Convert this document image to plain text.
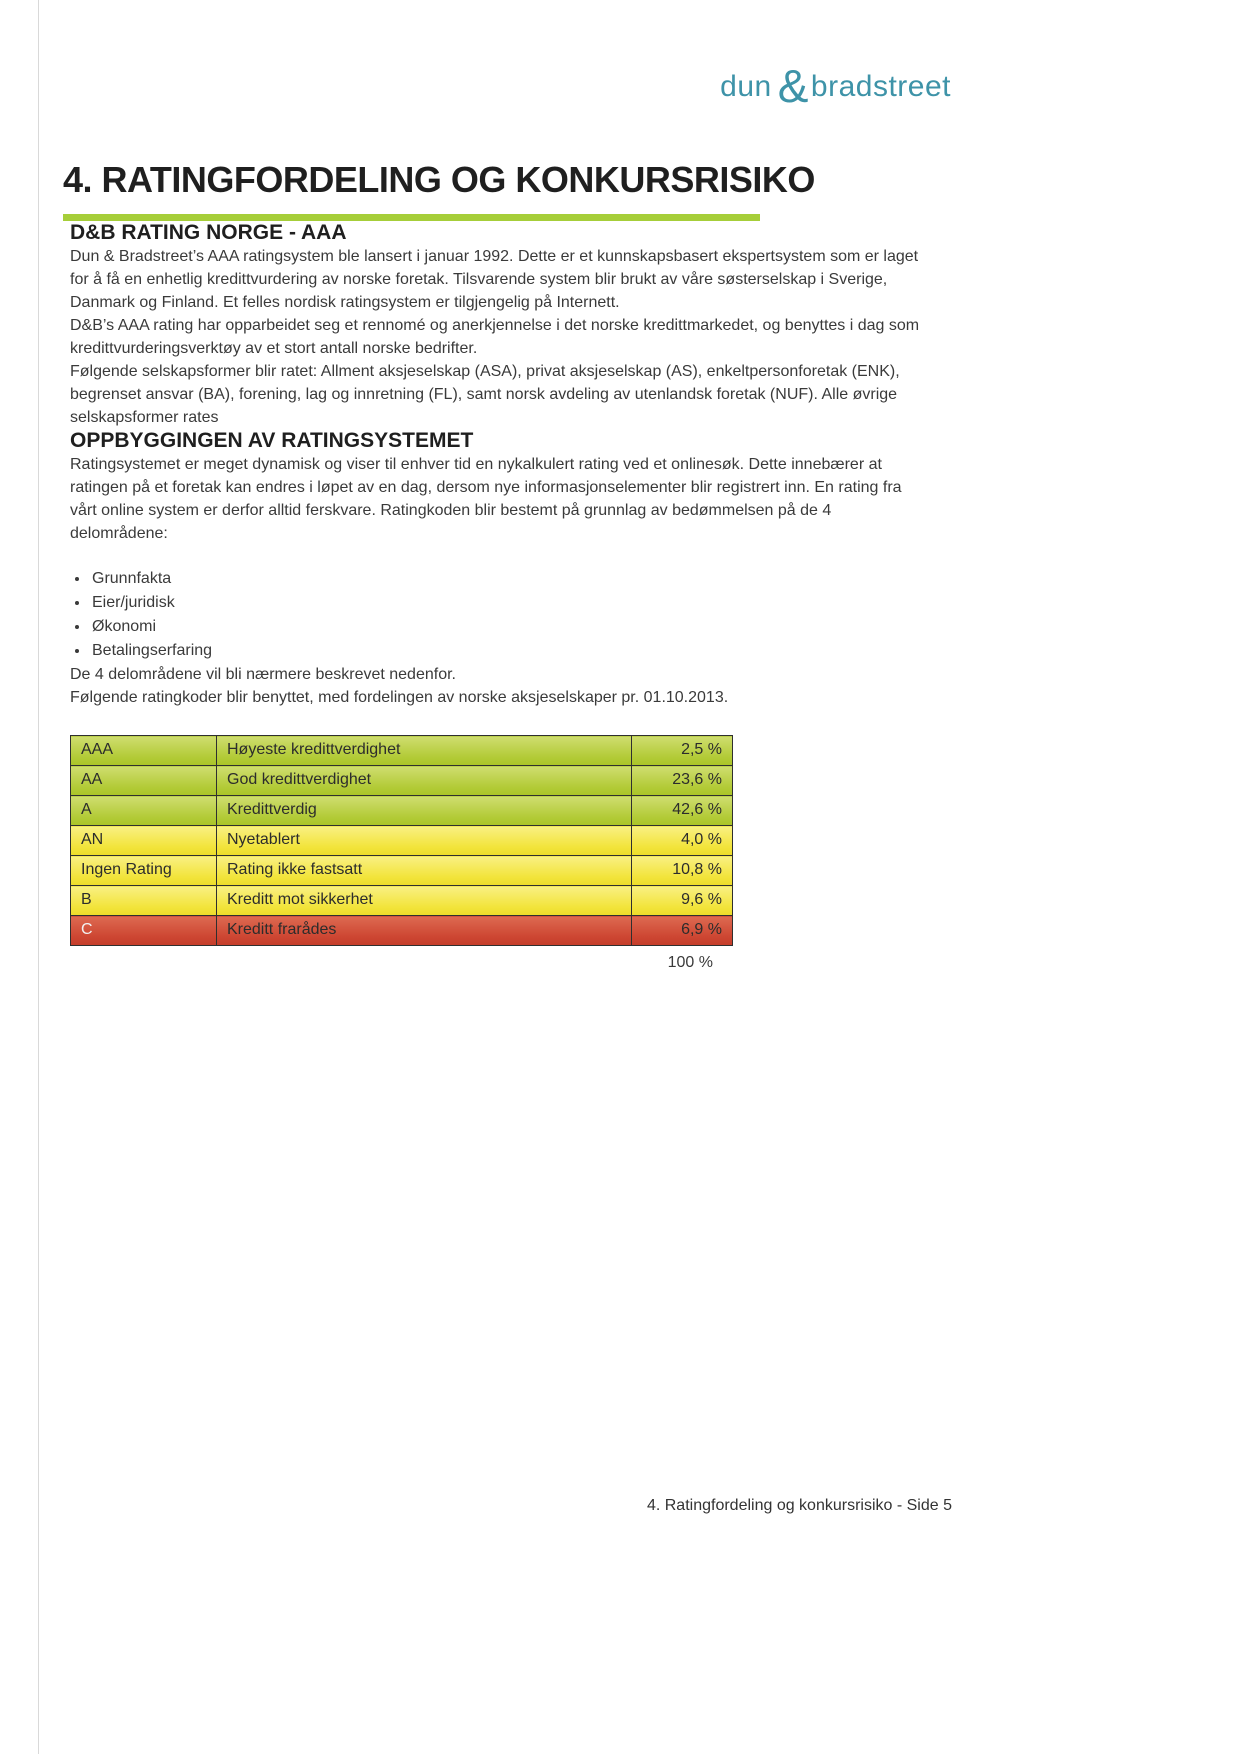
dun &bradstreet
4. RATINGFORDELING OG KONKURSRISIKO
D&B RATING NORGE - AAA

Dun & Bradstreet’s AAA ratingsystem ble lansert i januar 1992. Dette er et kunnskapsbasert ekspertsystem som er laget for å få en enhetlig kredittvurdering av norske foretak. Tilsvarende system blir brukt av våre søsterselskap i Sverige, Danmark og Finland. Et felles nordisk ratingsystem er tilgjengelig på Internett.

D&B’s AAA rating har opparbeidet seg et rennomé og anerkjennelse i det norske kredittmarkedet, og benyttes i dag som kredittvurderingsverktøy av et stort antall norske bedrifter.

Følgende selskapsformer blir ratet: Allment aksjeselskap (ASA), privat aksjeselskap (AS), enkeltpersonforetak (ENK), begrenset ansvar (BA), forening, lag og innretning (FL), samt norsk avdeling av utenlandsk foretak (NUF). Alle øvrige selskapsformer rates

OPPBYGGINGEN AV RATINGSYSTEMET

Ratingsystemet er meget dynamisk og viser til enhver tid en nykalkulert rating ved et onlinesøk. Dette innebærer at ratingen på et foretak kan endres i løpet av en dag, dersom nye informasjonselementer blir registrert inn. En rating fra vårt online system er derfor alltid ferskvare. Ratingkoden blir bestemt på grunnlag av bedømmelsen på de 4 delområdene:

• Grunnfakta
• Eier/juridisk
• Økonomi
• Betalingserfaring

De 4 delområdene vil bli nærmere beskrevet nedenfor.

Følgende ratingkoder blir benyttet, med fordelingen av norske aksjeselskaper pr. 01.10.2013.

AAA	Høyeste kredittverdighet	2,5 %
AA	God kredittverdighet	23,6 %
A	Kredittverdig	42,6 %
AN	Nyetablert	4,0 %
Ingen Rating	Rating ikke fastsatt	10,8 %
B	Kreditt mot sikkerhet	9,6 %
C	Kreditt frarådes	6,9 %
100 %
4. Ratingfordeling og konkursrisiko - Side 5
